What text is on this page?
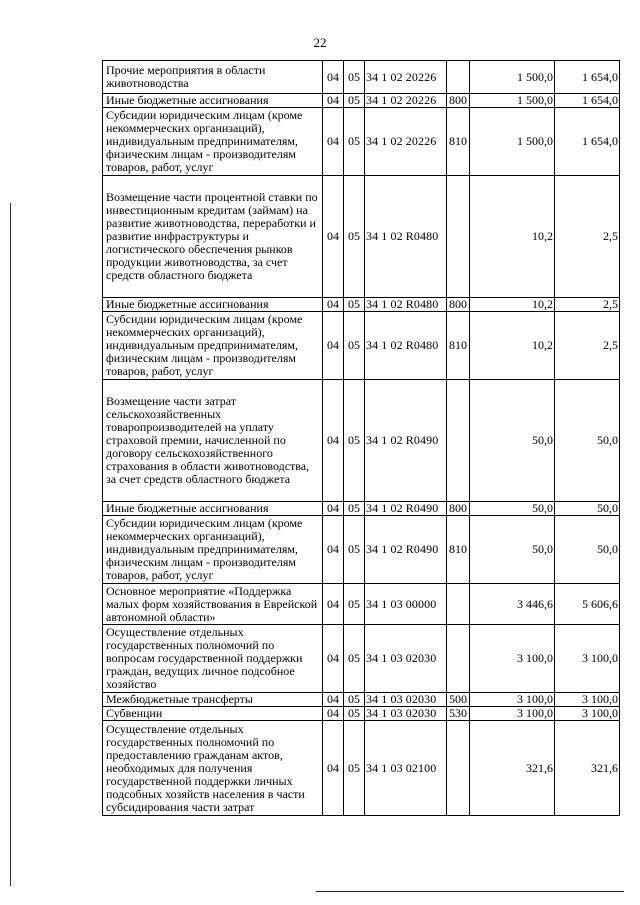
22
Прочие мероприятия в области животноводства	04	05	34 1 02 20226		1 500,0	1 654,0
Иные бюджетные ассигнования	04	05	34 1 02 20226	800	1 500,0	1 654,0
Субсидии юридическим лицам (кроме некоммерческих организаций), индивидуальным предпринимателям, физическим лицам - производителям товаров, работ, услуг	04	05	34 1 02 20226	810	1 500,0	1 654,0
Возмещение части процентной ставки по инвестиционным кредитам (займам) на развитие животноводства, переработки и развитие инфраструктуры и логистического обеспечения рынков продукции животноводства, за счет средств областного бюджета	04	05	34 1 02 R0480		10,2	2,5
Иные бюджетные ассигнования	04	05	34 1 02 R0480	800	10,2	2,5
Субсидии юридическим лицам (кроме некоммерческих организаций), индивидуальным предпринимателям, физическим лицам - производителям товаров, работ, услуг	04	05	34 1 02 R0480	810	10,2	2,5
Возмещение части затрат сельскохозяйственных товаропроизводителей на уплату страховой премии, начисленной по договору сельскохозяйственного страхования в области животноводства, за счет средств областного бюджета	04	05	34 1 02 R0490		50,0	50,0
Иные бюджетные ассигнования	04	05	34 1 02 R0490	800	50,0	50,0
Субсидии юридическим лицам (кроме некоммерческих организаций), индивидуальным предпринимателям, физическим лицам - производителям товаров, работ, услуг	04	05	34 1 02 R0490	810	50,0	50,0
Основное мероприятие «Поддержка малых форм хозяйствования в Еврейской автономной области»	04	05	34 1 03 00000		3 446,6	5 606,6
Осуществление отдельных государственных полномочий по вопросам государственной поддержки граждан, ведущих личное подсобное хозяйство	04	05	34 1 03 02030		3 100,0	3 100,0
Межбюджетные трансферты	04	05	34 1 03 02030	500	3 100,0	3 100,0
Субвенции	04	05	34 1 03 02030	530	3 100,0	3 100,0
Осуществление отдельных государственных полномочий по предоставлению гражданам актов, необходимых для получения государственной поддержки личных подсобных хозяйств населения в части субсидирования части затрат	04	05	34 1 03 02100		321,6	321,6
